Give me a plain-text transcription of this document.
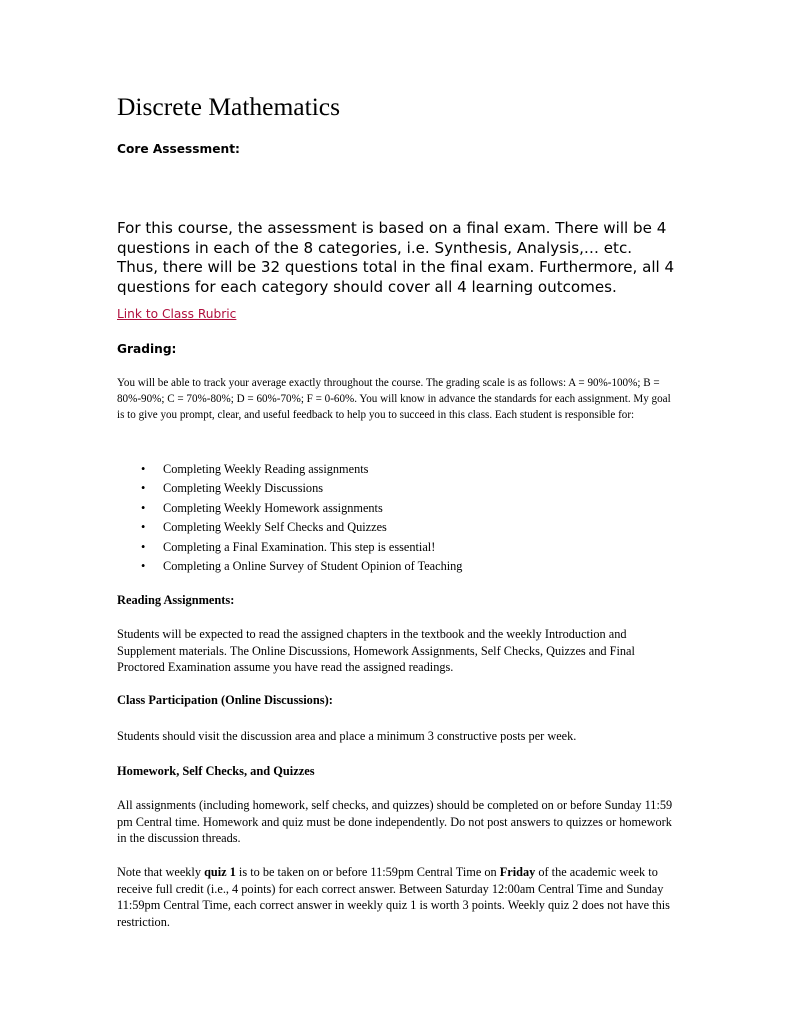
Discrete Mathematics
Core Assessment:
For this course, the assessment is based on a final exam. There will be 4 questions in each of the 8 categories, i.e. Synthesis, Analysis,… etc. Thus, there will be 32 questions total in the final exam. Furthermore, all 4 questions for each category should cover all 4 learning outcomes.
Link to Class Rubric
Grading:
You will be able to track your average exactly throughout the course. The grading scale is as follows: A = 90%-100%; B = 80%-90%; C = 70%-80%; D = 60%-70%; F = 0-60%. You will know in advance the standards for each assignment. My goal is to give you prompt, clear, and useful feedback to help you to succeed in this class. Each student is responsible for:
• Completing Weekly Reading assignments
• Completing Weekly Discussions
• Completing Weekly Homework assignments
• Completing Weekly Self Checks and Quizzes
• Completing a Final Examination. This step is essential!
• Completing a Online Survey of Student Opinion of Teaching
Reading Assignments:
Students will be expected to read the assigned chapters in the textbook and the weekly Introduction and Supplement materials. The Online Discussions, Homework Assignments, Self Checks, Quizzes and Final Proctored Examination assume you have read the assigned readings.
Class Participation (Online Discussions):
Students should visit the discussion area and place a minimum 3 constructive posts per week.
Homework, Self Checks, and Quizzes
All assignments (including homework, self checks, and quizzes) should be completed on or before Sunday 11:59 pm Central time. Homework and quiz must be done independently. Do not post answers to quizzes or homework in the discussion threads.
Note that weekly quiz 1 is to be taken on or before 11:59pm Central Time on Friday of the academic week to receive full credit (i.e., 4 points) for each correct answer. Between Saturday 12:00am Central Time and Sunday 11:59pm Central Time, each correct answer in weekly quiz 1 is worth 3 points. Weekly quiz 2 does not have this restriction.
